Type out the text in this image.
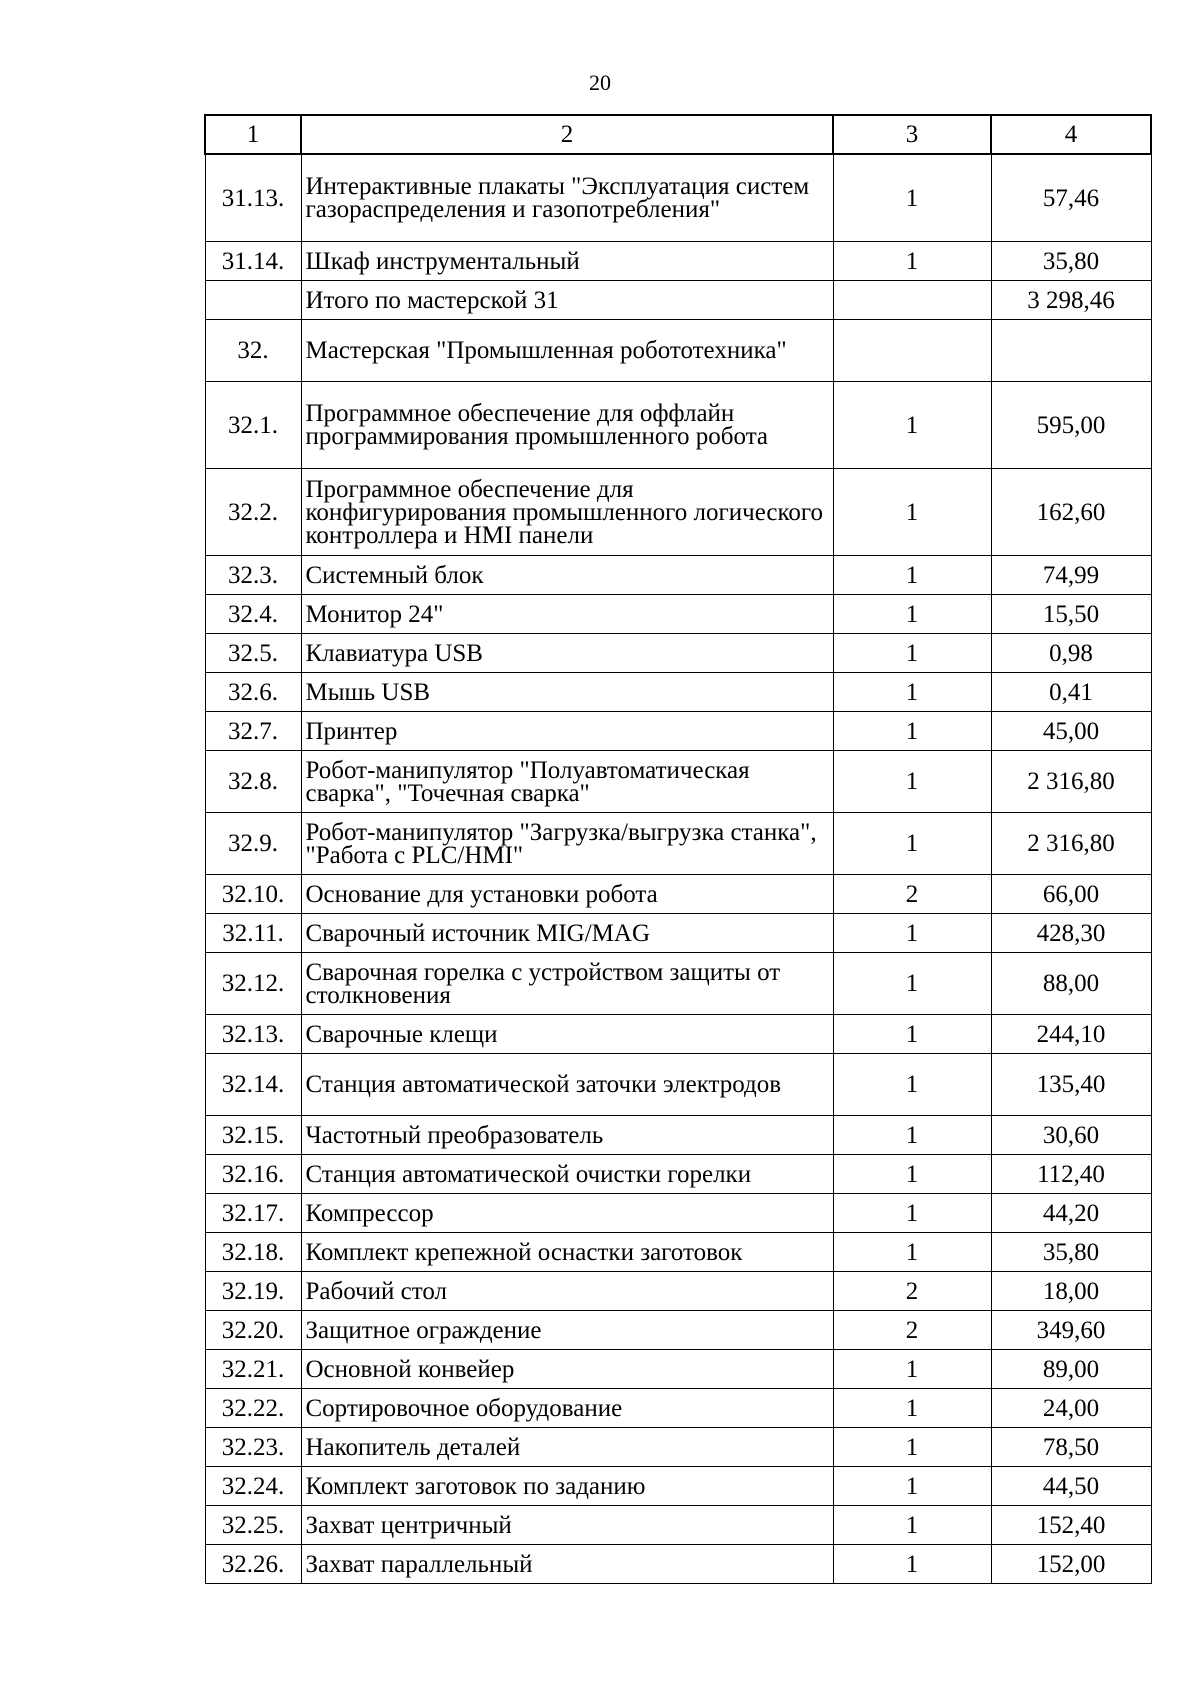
20
1	2	3	4
31.13.	Интерактивные плакаты "Эксплуатация систем газораспределения и газопотребления"	1	57,46
31.14.	Шкаф инструментальный	1	35,80
	Итого по мастерской 31		3 298,46
32.	Мастерская "Промышленная робототехника"		
32.1.	Программное обеспечение для оффлайн программирования промышленного робота	1	595,00
32.2.	Программное обеспечение для конфигурирования промышленного логического контроллера и HMI панели	1	162,60
32.3.	Системный блок	1	74,99
32.4.	Монитор 24"	1	15,50
32.5.	Клавиатура USB	1	0,98
32.6.	Мышь USB	1	0,41
32.7.	Принтер	1	45,00
32.8.	Робот-манипулятор "Полуавтоматическая сварка", "Точечная сварка"	1	2 316,80
32.9.	Робот-манипулятор "Загрузка/выгрузка станка", "Работа с PLC/HMI"	1	2 316,80
32.10.	Основание для установки робота	2	66,00
32.11.	Сварочный источник MIG/MAG	1	428,30
32.12.	Сварочная горелка с устройством защиты от столкновения	1	88,00
32.13.	Сварочные клещи	1	244,10
32.14.	Станция автоматической заточки электродов	1	135,40
32.15.	Частотный преобразователь	1	30,60
32.16.	Станция автоматической очистки горелки	1	112,40
32.17.	Компрессор	1	44,20
32.18.	Комплект крепежной оснастки заготовок	1	35,80
32.19.	Рабочий стол	2	18,00
32.20.	Защитное ограждение	2	349,60
32.21.	Основной конвейер	1	89,00
32.22.	Сортировочное оборудование	1	24,00
32.23.	Накопитель деталей	1	78,50
32.24.	Комплект заготовок по заданию	1	44,50
32.25.	Захват центричный	1	152,40
32.26.	Захват параллельный	1	152,00
